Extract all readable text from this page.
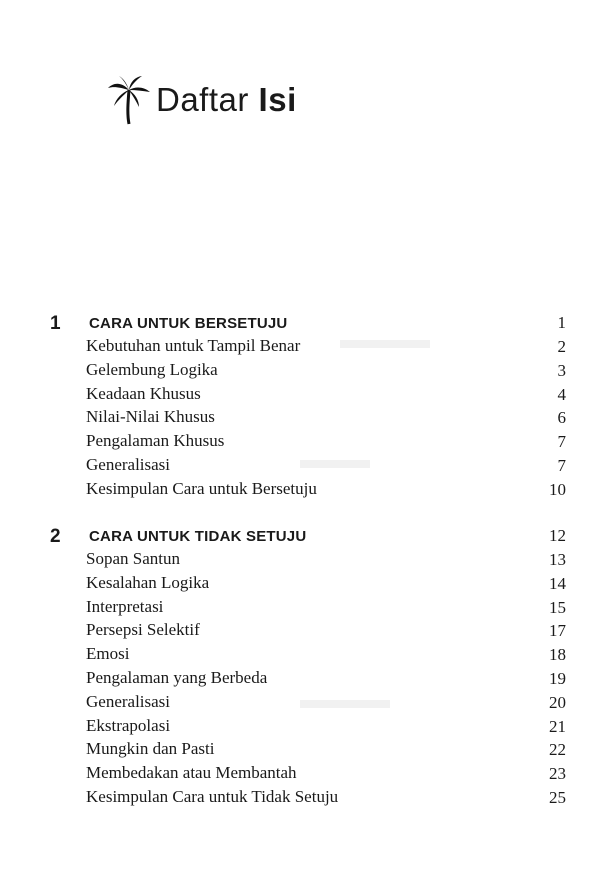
Daftar Isi
1 CARA UNTUK BERSETUJU	1
Kebutuhan untuk Tampil Benar	2
Gelembung Logika	3
Keadaan Khusus	4
Nilai-Nilai Khusus	6
Pengalaman Khusus	7
Generalisasi	7
Kesimpulan Cara untuk Bersetuju	10
2 CARA UNTUK TIDAK SETUJU	12
Sopan Santun	13
Kesalahan Logika	14
Interpretasi	15
Persepsi Selektif	17
Emosi	18
Pengalaman yang Berbeda	19
Generalisasi	20
Ekstrapolasi	21
Mungkin dan Pasti	22
Membedakan atau Membantah	23
Kesimpulan Cara untuk Tidak Setuju	25
